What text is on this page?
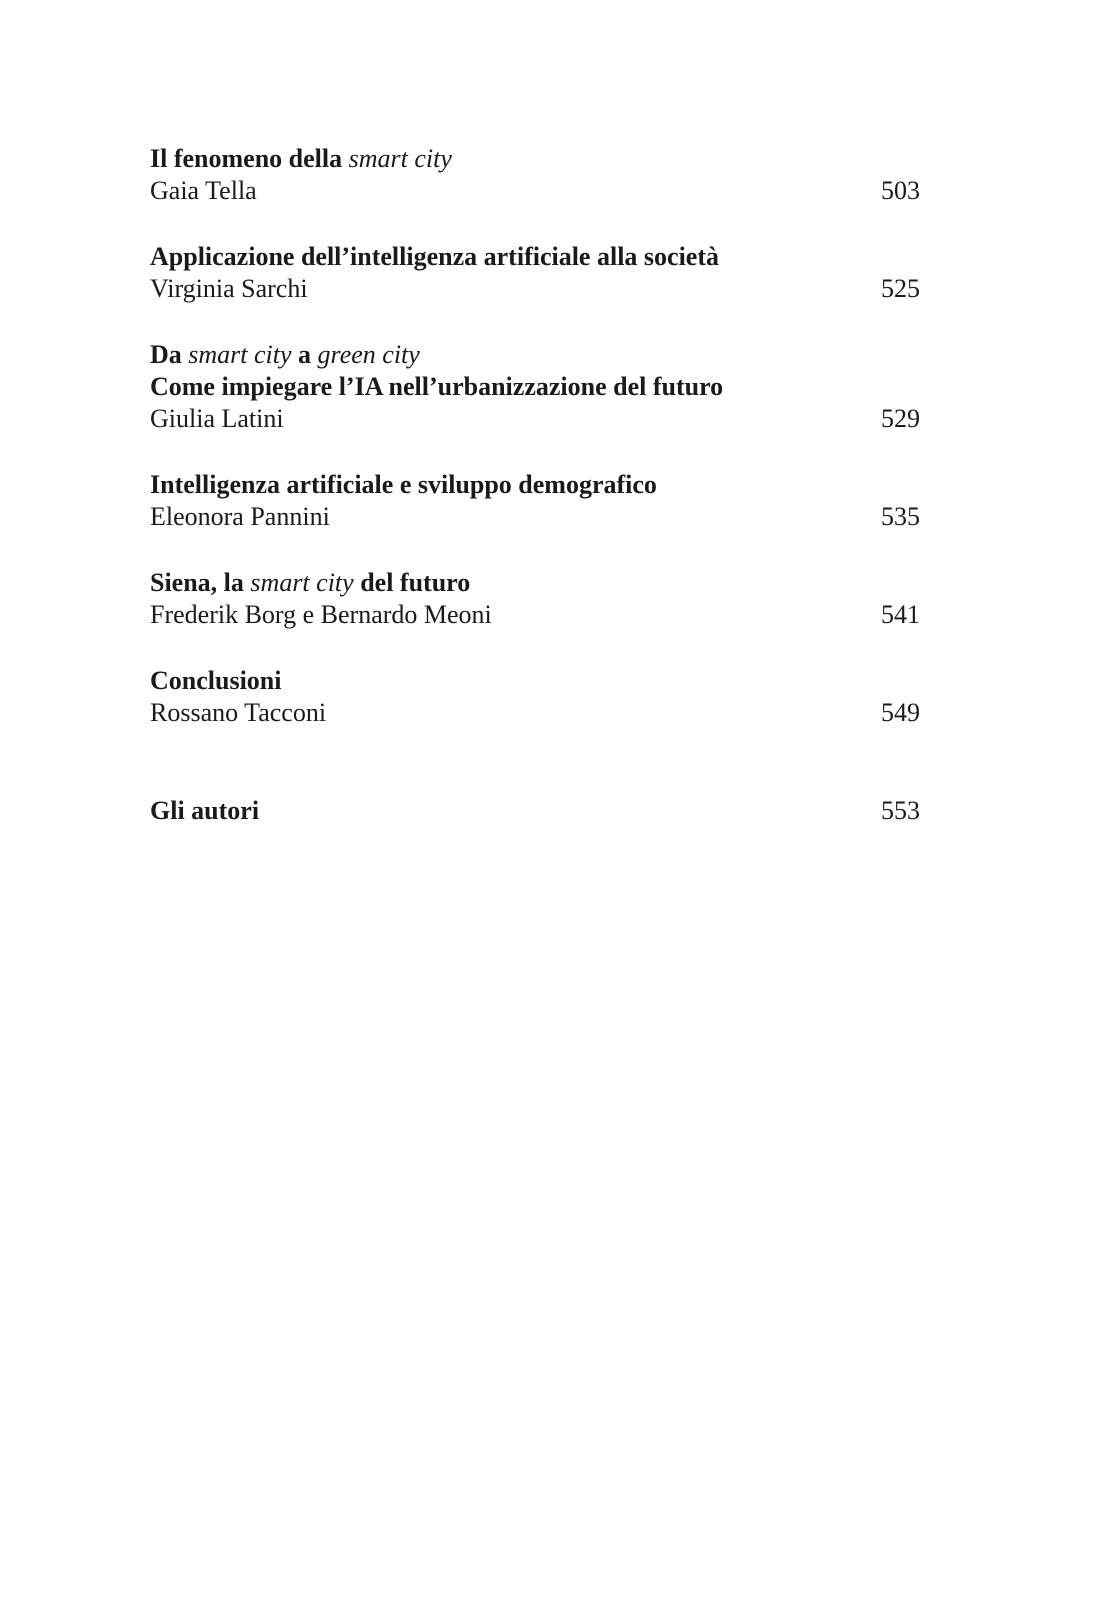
Il fenomeno della smart city
Gaia Tella	503
Applicazione dell’intelligenza artificiale alla società
Virginia Sarchi	525
Da smart city a green city
Come impiegare l’IA nell’urbanizzazione del futuro
Giulia Latini	529
Intelligenza artificiale e sviluppo demografico
Eleonora Pannini	535
Siena, la smart city del futuro
Frederik Borg e Bernardo Meoni	541
Conclusioni
Rossano Tacconi	549
Gli autori	553
